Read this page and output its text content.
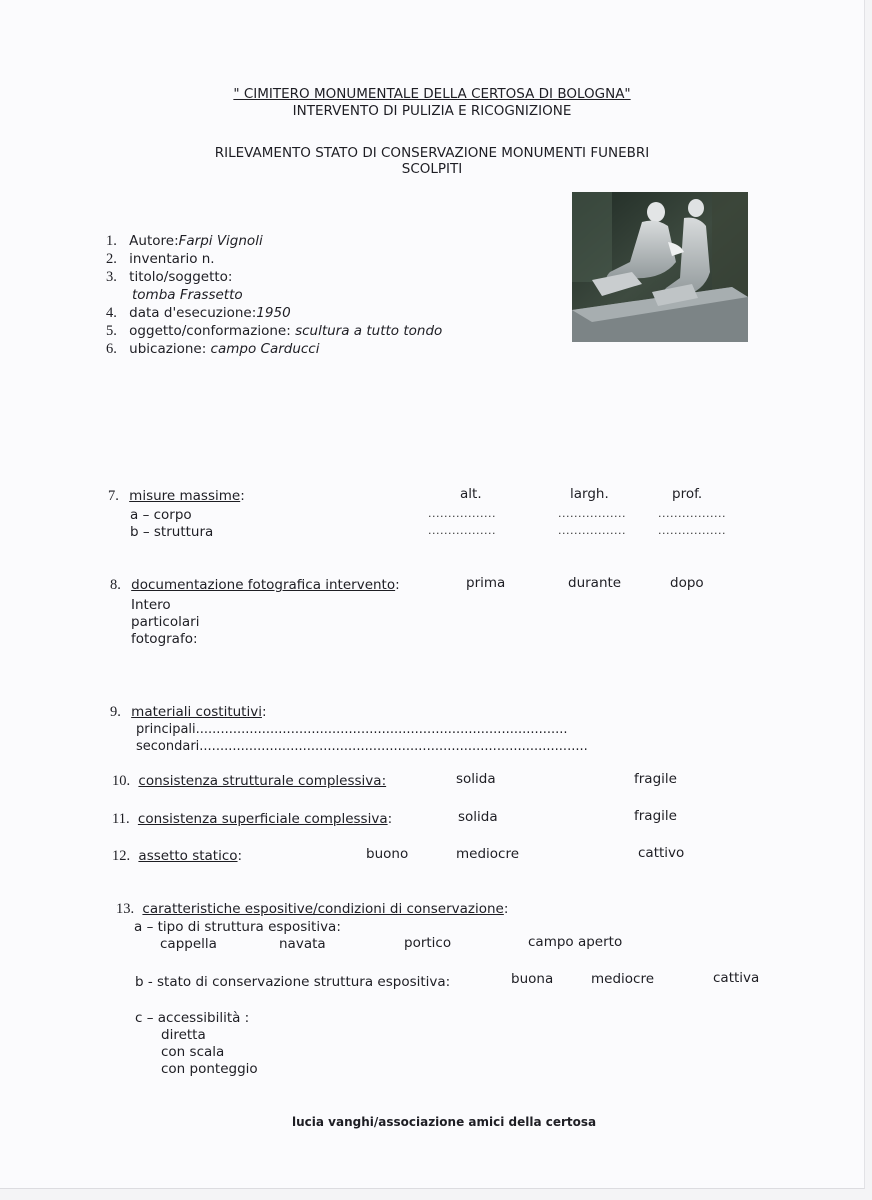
" CIMITERO MONUMENTALE DELLA CERTOSA DI BOLOGNA"
INTERVENTO DI PULIZIA E RICOGNIZIONE
RILEVAMENTO STATO DI CONSERVAZIONE MONUMENTI FUNEBRI
SCOLPITI
1. Autore:Farpi Vignoli
2. inventario n.
3. titolo/soggetto:
tomba Frassetto
4. data d'esecuzione:1950
5. oggetto/conformazione: scultura a tutto tondo
6. ubicazione: campo Carducci
7. misure massime:	alt.	largh.	prof.
a – corpo	.................	.................	.................
b – struttura	.................	.................	.................
8. documentazione fotografica intervento:	prima	durante	dopo
Intero
particolari
fotografo:
9. materiali costitutivi:
principali..........................................................................................
secondari..............................................................................................
10. consistenza strutturale complessiva:	solida	fragile
11. consistenza superficiale complessiva:	solida	fragile
12. assetto statico:	buono	mediocre	cattivo
13. caratteristiche espositive/condizioni di conservazione:
a – tipo di struttura espositiva:
cappella	navata	portico	campo aperto
b - stato di conservazione struttura espositiva:	buona	mediocre	cattiva
c – accessibilità :
diretta
con scala
con ponteggio
lucia vanghi/associazione amici della certosa
